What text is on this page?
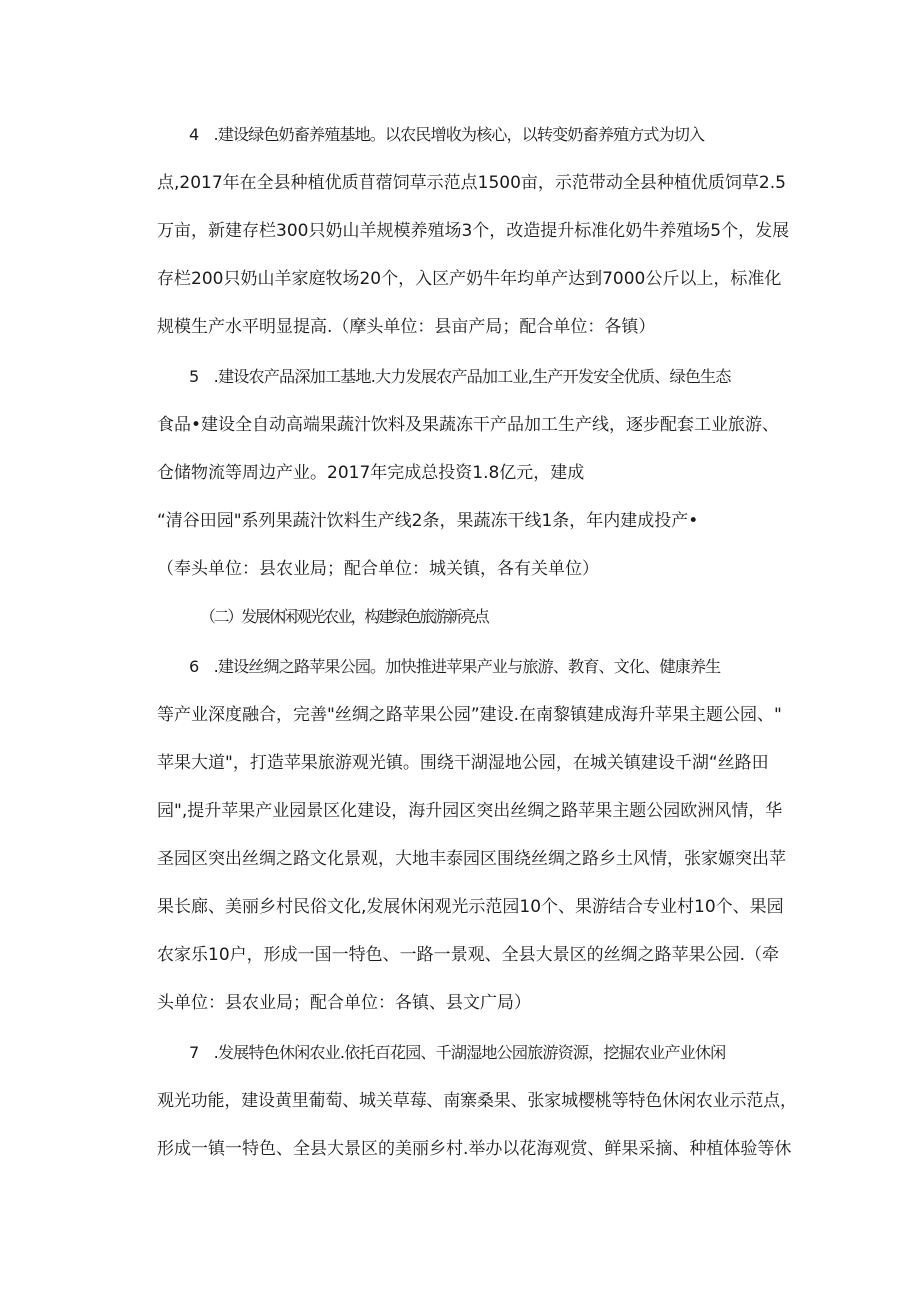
4　.建设绿色奶畜养殖基地。以农民增收为核心，以转变奶畜养殖方式为切入
点,2017年在全县种植优质苜蓿饲草示范点1500亩，示范带动全县种植优质饲草2.5
万亩，新建存栏300只奶山羊规模养殖场3个，改造提升标准化奶牛养殖场5个，发展
存栏200只奶山羊家庭牧场20个，入区产奶牛年均单产达到7000公斤以上，标准化
规模生产水平明显提高.（摩头单位：县亩产局；配合单位：各镇）
5　.建设农产品深加工基地.大力发展农产品加工业,生产开发安全优质、绿色生态
食品•建设全自动高端果蔬汁饮料及果蔬冻干产品加工生产线，逐步配套工业旅游、
仓储物流等周边产业。2017年完成总投资1.8亿元，建成
“清谷田园"系列果蔬汁饮料生产线2条，果蔬冻干线1条，年内建成投产•
（奉头单位：县农业局；配合单位：城关镇，各有关单位）
（二）发展休闲观光农业，构建绿色旅游新亮点
6　.建设丝绸之路苹果公园。加快推进苹果产业与旅游、教育、文化、健康养生
等产业深度融合，完善"丝绸之路苹果公园”建设.在南黎镇建成海升苹果主题公园、"
苹果大道"，打造苹果旅游观光镇。围绕干湖湿地公园，在城关镇建设千湖“丝路田
园",提升苹果产业园景区化建设，海升园区突出丝绸之路苹果主题公园欧洲风情，华
圣园区突出丝绸之路文化景观，大地丰泰园区围绕丝绸之路乡土风情，张家嫄突出苹
果长廊、美丽乡村民俗文化,发展休闲观光示范园10个、果游结合专业村10个、果园
农家乐10户，形成一国一特色、一路一景观、全县大景区的丝绸之路苹果公园.（牵
头单位：县农业局；配合单位：各镇、县文广局）
7　.发展特色休闲农业.依托百花园、千湖湿地公园旅游资源，挖掘农业产业休闲
观光功能，建设黄里葡萄、城关草莓、南寨桑果、张家城樱桃等特色休闲农业示范点，
形成一镇一特色、全县大景区的美丽乡村.举办以花海观赏、鲜果采摘、种植体验等休
